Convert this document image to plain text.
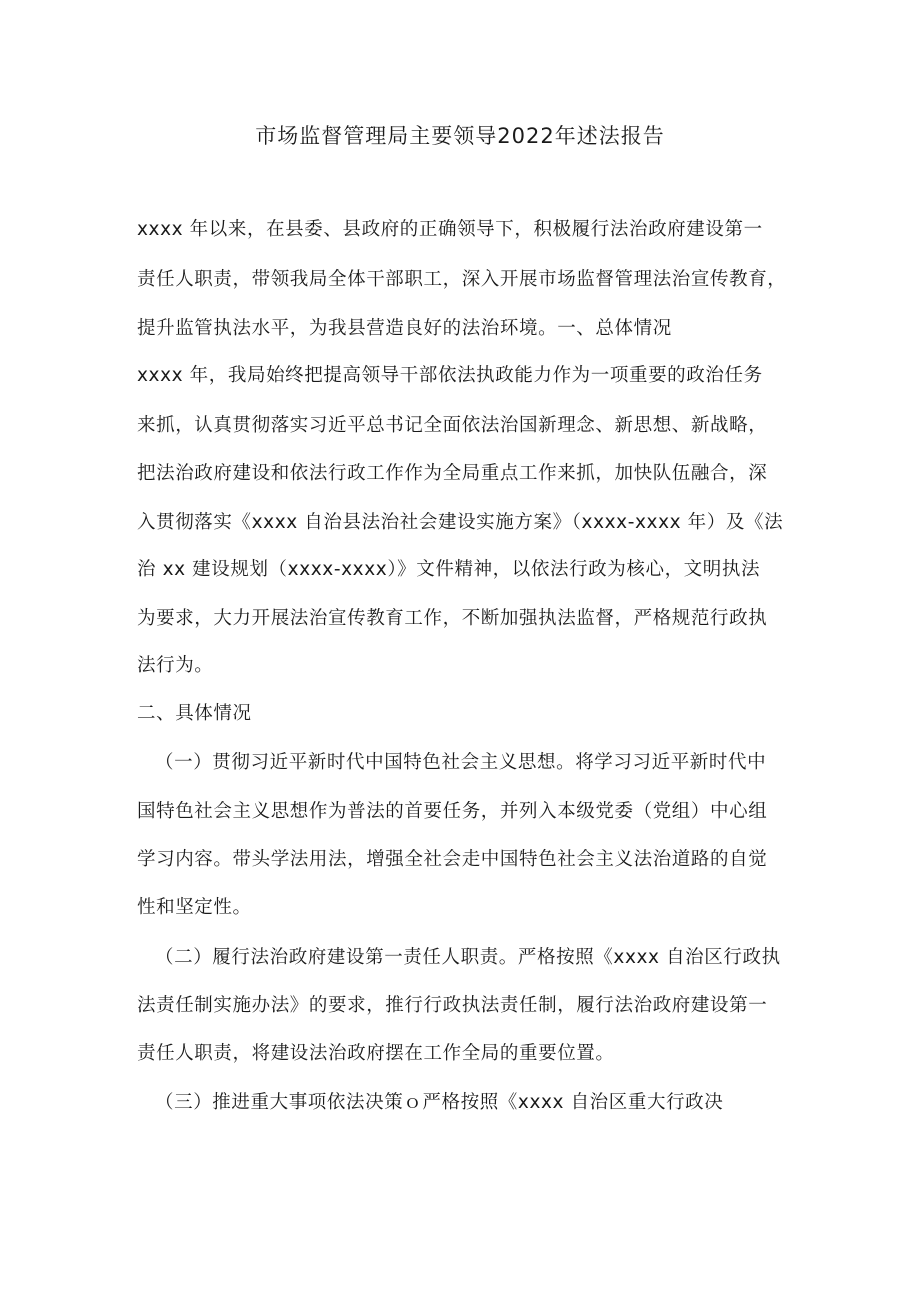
市场监督管理局主要领导2022年述法报告

xxxx 年以来，在县委、县政府的正确领导下，积极履行法治政府建设第一

责任人职责，带领我局全体干部职工，深入开展市场监督管理法治宣传教育，

提升监管执法水平，为我县营造良好的法治环境。一、总体情况

xxxx 年，我局始终把提高领导干部依法执政能力作为一项重要的政治任务

来抓，认真贯彻落实习近平总书记全面依法治国新理念、新思想、新战略，

把法治政府建设和依法行政工作作为全局重点工作来抓，加快队伍融合，深

入贯彻落实《xxxx 自治县法治社会建设实施方案》（xxxx-xxxx 年）及《法

治 xx 建设规划（xxxx-xxxx）》文件精神，以依法行政为核心，文明执法

为要求，大力开展法治宣传教育工作，不断加强执法监督，严格规范行政执

法行为。

二、具体情况

（一）贯彻习近平新时代中国特色社会主义思想。将学习习近平新时代中

国特色社会主义思想作为普法的首要任务，并列入本级党委（党组）中心组

学习内容。带头学法用法，增强全社会走中国特色社会主义法治道路的自觉

性和坚定性。

（二）履行法治政府建设第一责任人职责。严格按照《xxxx 自治区行政执

法责任制实施办法》的要求，推行行政执法责任制，履行法治政府建设第一

责任人职责，将建设法治政府摆在工作全局的重要位置。

（三）推进重大事项依法决策ｏ严格按照《xxxx 自治区重大行政决
